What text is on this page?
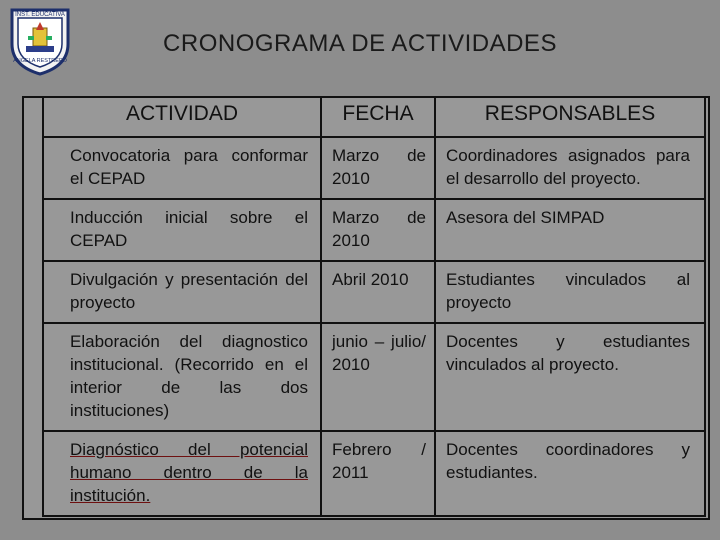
INST. EDUCATIVA
ANGELA RESTREPO
CRONOGRAMA DE ACTIVIDADES
ACTIVIDAD	FECHA	RESPONSABLES
Convocatoria para conformar el CEPAD	Marzo de 2010	Coordinadores asignados para el desarrollo del proyecto.
Inducción inicial sobre el CEPAD	Marzo de 2010	Asesora del SIMPAD
Divulgación y presentación del proyecto	Abril 2010	Estudiantes vinculados al proyecto
Elaboración del diagnostico institucional. (Recorrido en el interior de las dos instituciones)	junio – julio/ 2010	Docentes y estudiantes vinculados al proyecto.
Diagnóstico del potencial humano dentro de la institución.	Febrero / 2011	Docentes coordinadores y estudiantes.
